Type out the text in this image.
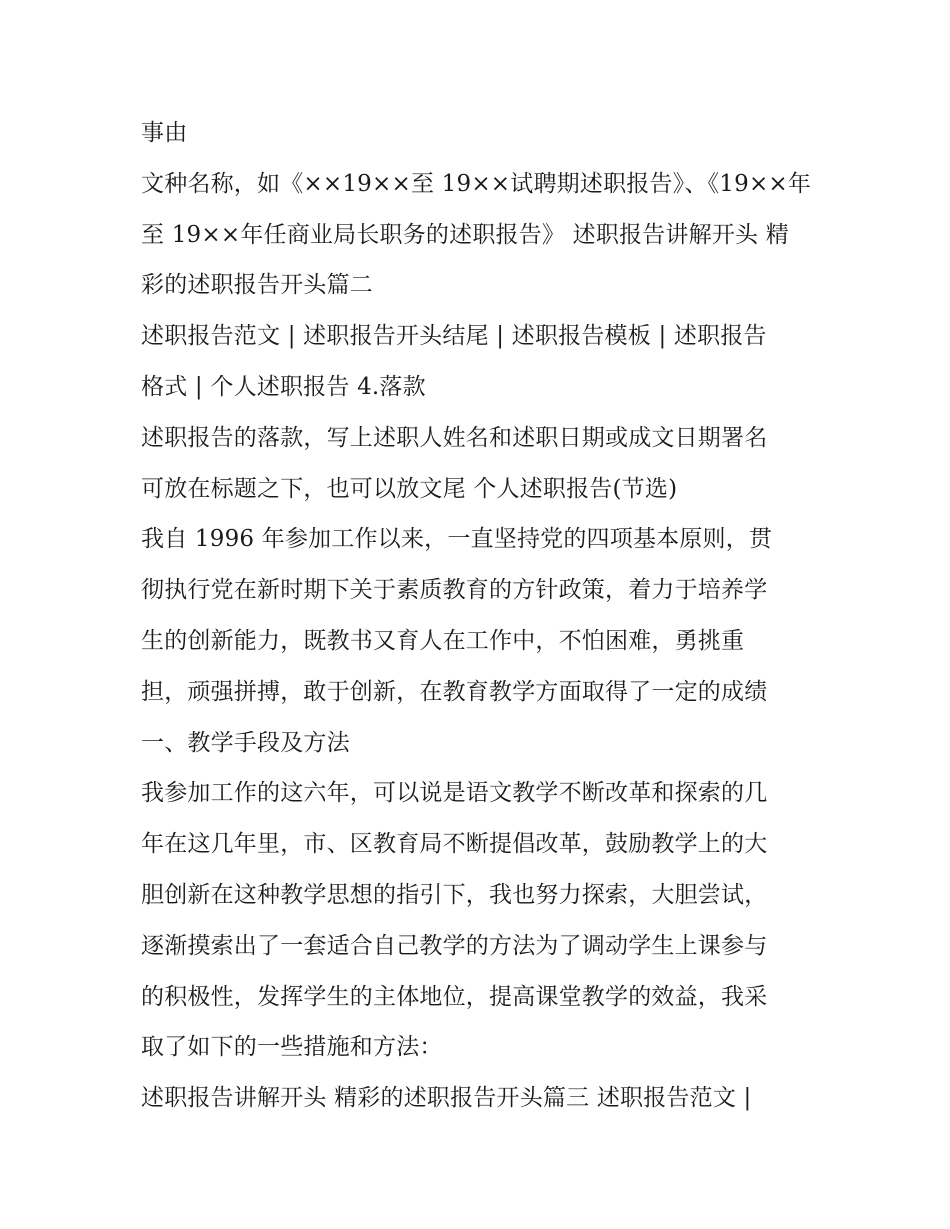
事由
文种名称，如《××19××至 19××试聘期述职报告》、《19××年
至 19××年任商业局长职务的述职报告》 述职报告讲解开头 精
彩的述职报告开头篇二
述职报告范文 | 述职报告开头结尾 | 述职报告模板 | 述职报告
格式 | 个人述职报告 4.落款
述职报告的落款，写上述职人姓名和述职日期或成文日期署名
可放在标题之下，也可以放文尾 个人述职报告(节选)
我自 1996 年参加工作以来，一直坚持党的四项基本原则，贯
彻执行党在新时期下关于素质教育的方针政策，着力于培养学
生的创新能力，既教书又育人在工作中，不怕困难，勇挑重
担，顽强拼搏，敢于创新，在教育教学方面取得了一定的成绩
一、教学手段及方法
我参加工作的这六年，可以说是语文教学不断改革和探索的几
年在这几年里，市、区教育局不断提倡改革，鼓励教学上的大
胆创新在这种教学思想的指引下，我也努力探索，大胆尝试，
逐渐摸索出了一套适合自己教学的方法为了调动学生上课参与
的积极性，发挥学生的主体地位，提高课堂教学的效益，我采
取了如下的一些措施和方法：
述职报告讲解开头 精彩的述职报告开头篇三 述职报告范文 |
